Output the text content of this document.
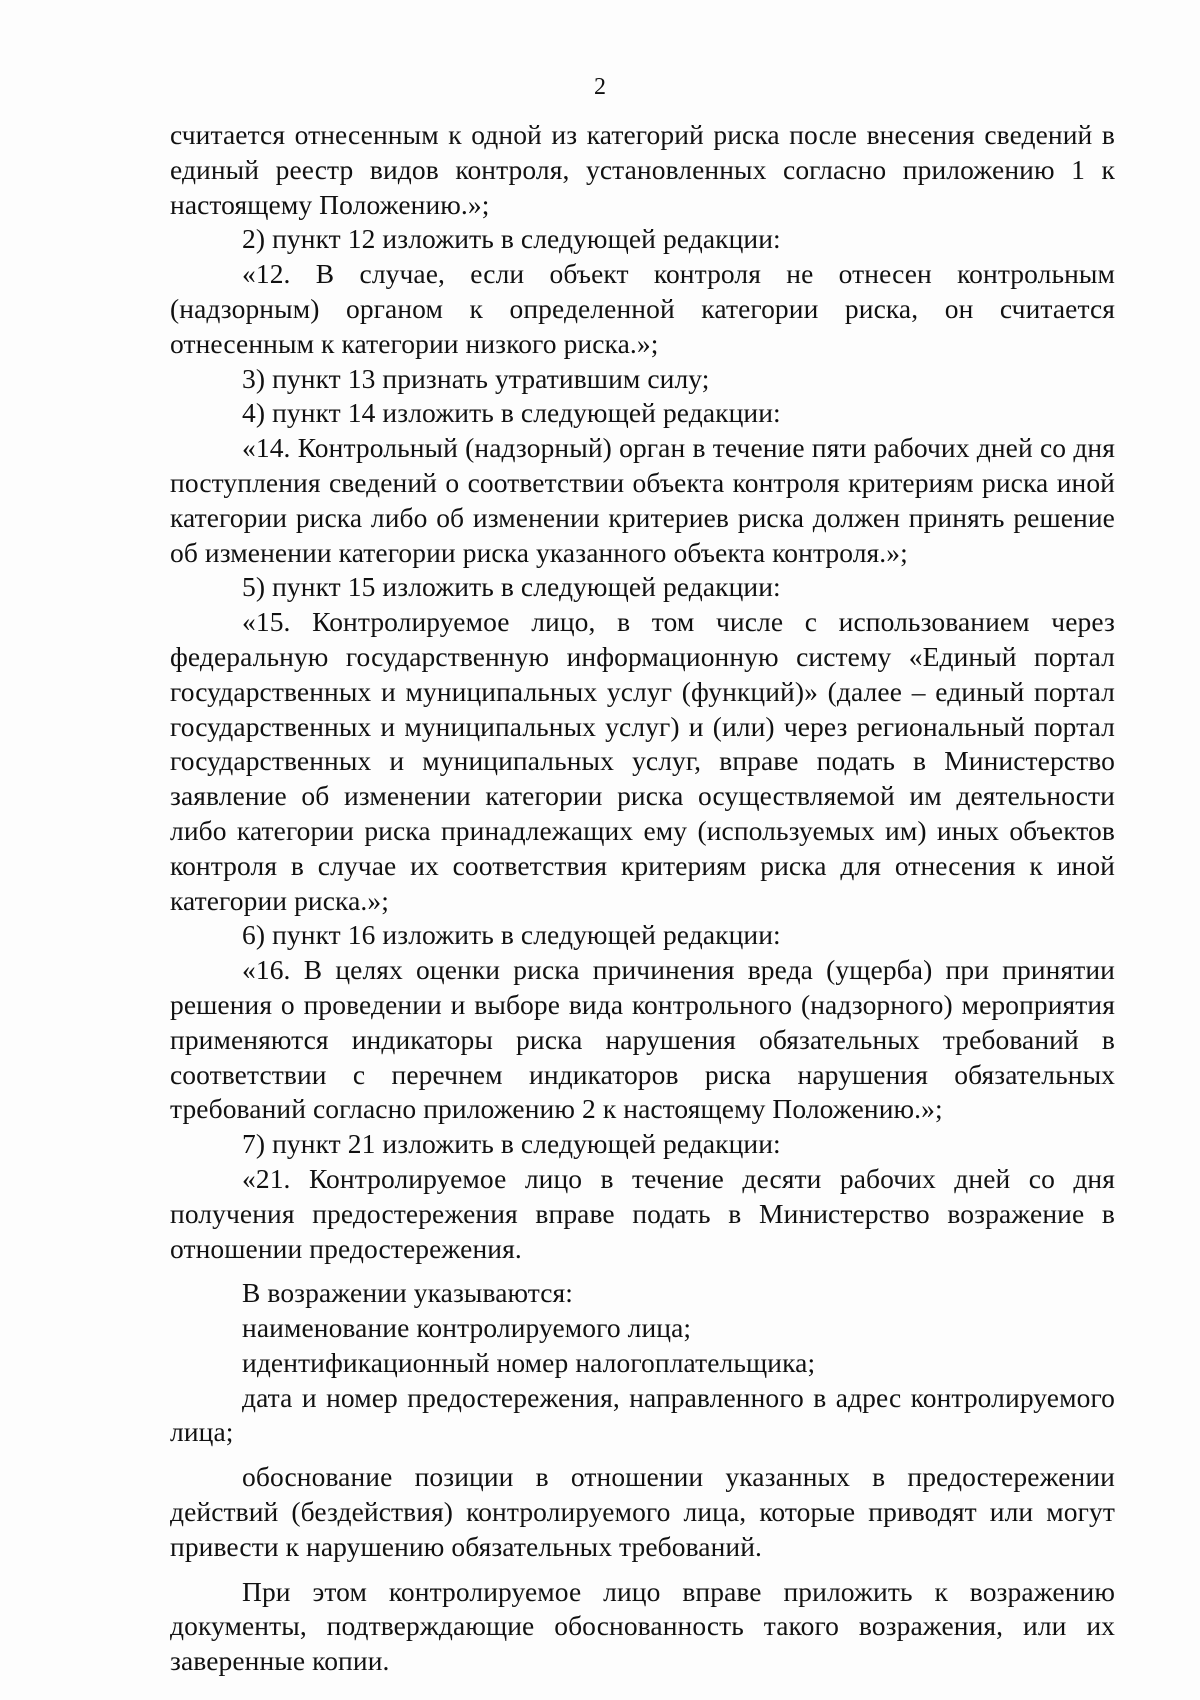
2

считается отнесенным к одной из категорий риска после внесения сведений в единый реестр видов контроля, установленных согласно приложению 1 к настоящему Положению.»;

2) пункт 12 изложить в следующей редакции:

«12. В случае, если объект контроля не отнесен контрольным (надзорным) органом к определенной категории риска, он считается отнесенным к категории низкого риска.»;

3) пункт 13 признать утратившим силу;

4) пункт 14 изложить в следующей редакции:

«14. Контрольный (надзорный) орган в течение пяти рабочих дней со дня поступления сведений о соответствии объекта контроля критериям риска иной категории риска либо об изменении критериев риска должен принять решение об изменении категории риска указанного объекта контроля.»;

5) пункт 15 изложить в следующей редакции:

«15. Контролируемое лицо, в том числе с использованием через федеральную государственную информационную систему «Единый портал государственных и муниципальных услуг (функций)» (далее – единый портал государственных и муниципальных услуг) и (или) через региональный портал государственных и муниципальных услуг, вправе подать в Министерство заявление об изменении категории риска осуществляемой им деятельности либо категории риска принадлежащих ему (используемых им) иных объектов контроля в случае их соответствия критериям риска для отнесения к иной категории риска.»;

6) пункт 16 изложить в следующей редакции:

«16. В целях оценки риска причинения вреда (ущерба) при принятии решения о проведении и выборе вида контрольного (надзорного) мероприятия применяются индикаторы риска нарушения обязательных требований в соответствии с перечнем индикаторов риска нарушения обязательных требований согласно приложению 2 к настоящему Положению.»;

7) пункт 21 изложить в следующей редакции:

«21. Контролируемое лицо в течение десяти рабочих дней со дня получения предостережения вправе подать в Министерство возражение в отношении предостережения.

В возражении указываются:

наименование контролируемого лица;

идентификационный номер налогоплательщика;

дата и номер предостережения, направленного в адрес контролируемого лица;

обоснование позиции в отношении указанных в предостережении действий (бездействия) контролируемого лица, которые приводят или могут привести к нарушению обязательных требований.

При этом контролируемое лицо вправе приложить к возражению документы, подтверждающие обоснованность такого возражения, или их заверенные копии.
